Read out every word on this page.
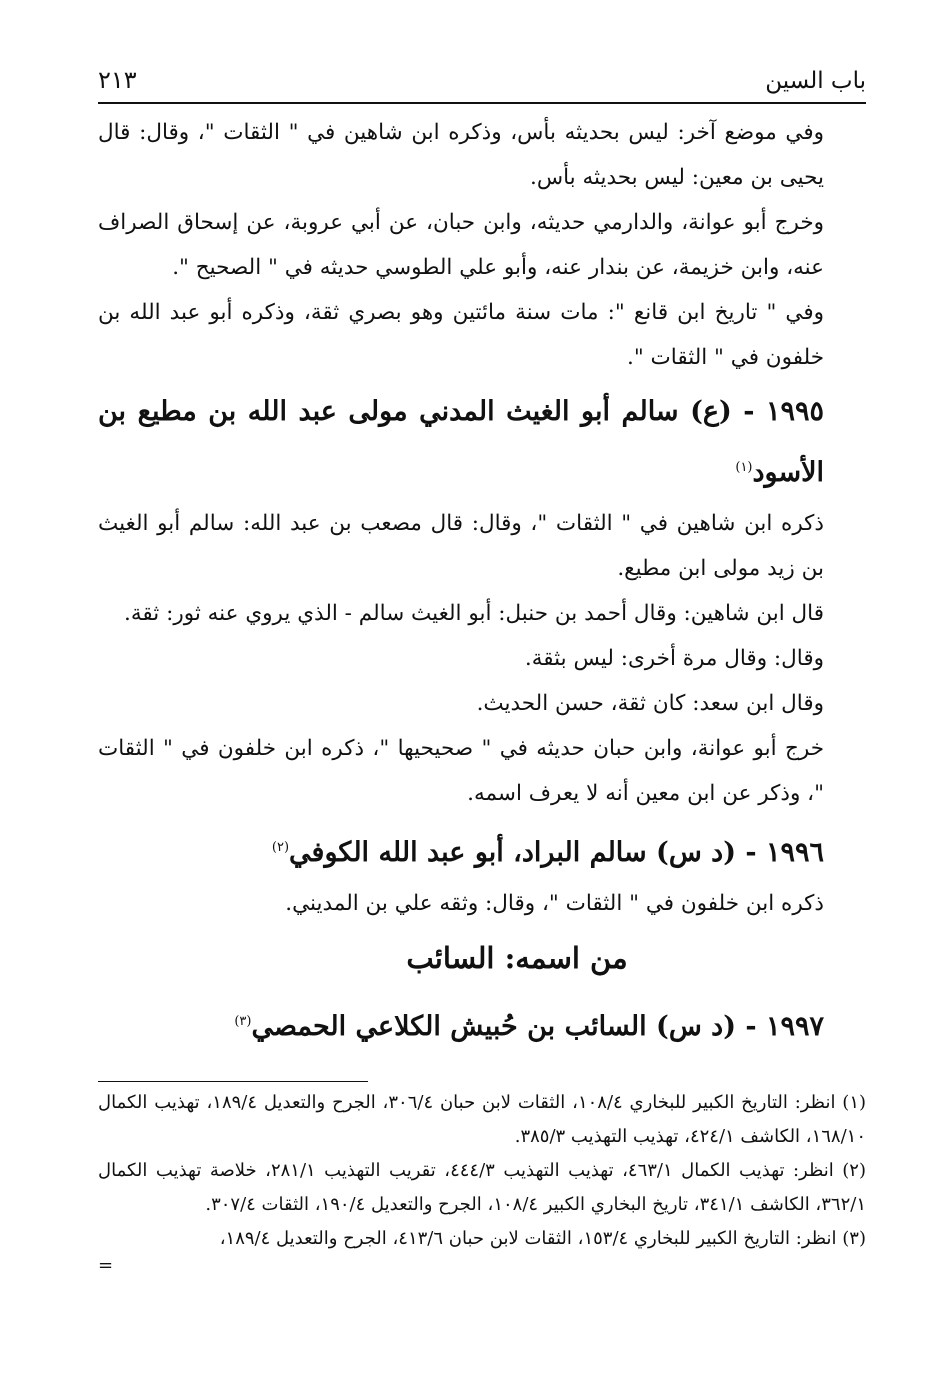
باب السين
٢١٣

وفي موضع آخر: ليس بحديثه بأس، وذكره ابن شاهين في " الثقات "، وقال: قال يحيى بن معين: ليس بحديثه بأس.

وخرج أبو عوانة، والدارمي حديثه، وابن حبان، عن أبي عروبة، عن إسحاق الصراف عنه، وابن خزيمة، عن بندار عنه، وأبو علي الطوسي حديثه في " الصحيح ".

وفي " تاريخ ابن قانع ": مات سنة مائتين وهو بصري ثقة، وذكره أبو عبد الله بن خلفون في " الثقات ".

١٩٩٥ - (ع) سالم أبو الغيث المدني مولى عبد الله بن مطيع بن الأسود$^{(١)}$

ذكره ابن شاهين في " الثقات "، وقال: قال مصعب بن عبد الله: سالم أبو الغيث بن زيد مولى ابن مطيع.

قال ابن شاهين: وقال أحمد بن حنبل: أبو الغيث سالم - الذي يروي عنه ثور: ثقة.

وقال: وقال مرة أخرى: ليس بثقة.

وقال ابن سعد: كان ثقة، حسن الحديث.

خرج أبو عوانة، وابن حبان حديثه في " صحيحيها "، ذكره ابن خلفون في " الثقات "، وذكر عن ابن معين أنه لا يعرف اسمه.

١٩٩٦ - (د س) سالم البراد، أبو عبد الله الكوفي$^{(٢)}$

ذكره ابن خلفون في " الثقات "، وقال: وثقه علي بن المديني.

من اسمه: السائب

١٩٩٧ - (د س) السائب بن حُبيش الكلاعي الحمصي$^{(٣)}$

(١) انظر: التاريخ الكبير للبخاري ١٠٨/٤، الثقات لابن حبان ٣٠٦/٤، الجرح والتعديل ١٨٩/٤، تهذيب الكمال ١٦٨/١٠، الكاشف ٤٢٤/١، تهذيب التهذيب ٣٨٥/٣.

(٢) انظر: تهذيب الكمال ٤٦٣/١، تهذيب التهذيب ٤٤٤/٣، تقريب التهذيب ٢٨١/١، خلاصة تهذيب الكمال ٣٦٢/١، الكاشف ٣٤١/١، تاريخ البخاري الكبير ١٠٨/٤، الجرح والتعديل ١٩٠/٤، الثقات ٣٠٧/٤.

(٣) انظر: التاريخ الكبير للبخاري ١٥٣/٤، الثقات لابن حبان ٤١٣/٦، الجرح والتعديل ١٨٩/٤،

=
